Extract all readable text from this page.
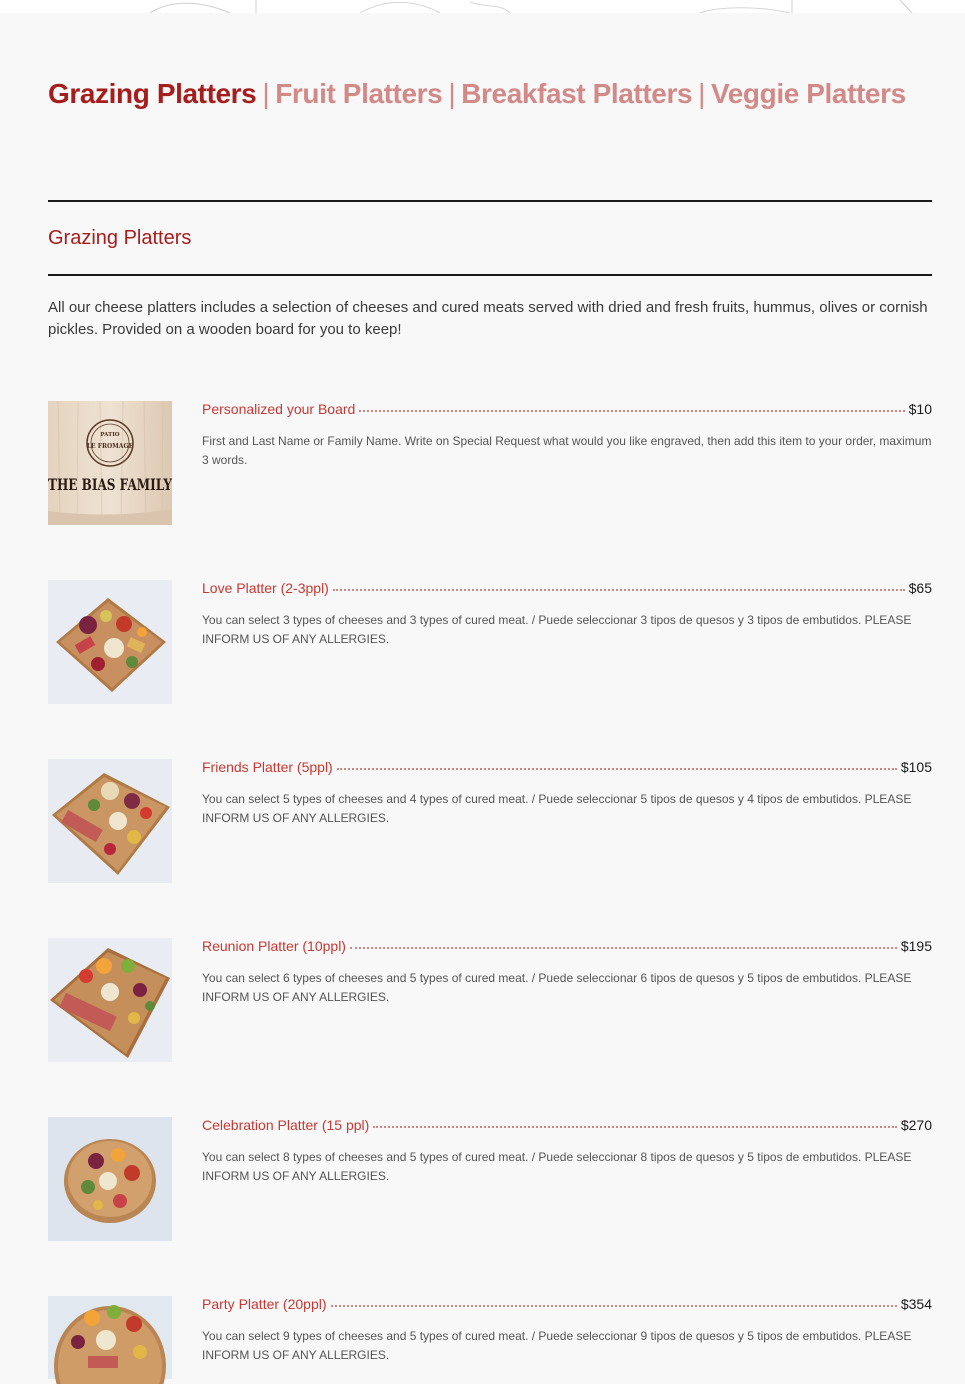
Grazing Platters | Fruit Platters | Breakfast Platters | Veggie Platters
Grazing Platters

All our cheese platters includes a selection of cheeses and cured meats served with dried and fresh fruits, hummus, olives or cornish pickles. Provided on a wooden board for you to keep!

PATIO
LE FROMAGE
THE BIAS FAMILY
Personalized your Board	$10
First and Last Name or Family Name. Write on Special Request what would you like engraved, then add this item to your order, maximum 3 words.
Love Platter (2-3ppl)	$65
You can select 3 types of cheeses and 3 types of cured meat. / Puede seleccionar 3 tipos de quesos y 3 tipos de embutidos. PLEASE INFORM US OF ANY ALLERGIES.
Friends Platter (5ppl)	$105
You can select 5 types of cheeses and 4 types of cured meat. / Puede seleccionar 5 tipos de quesos y 4 tipos de embutidos. PLEASE INFORM US OF ANY ALLERGIES.
Reunion Platter (10ppl)	$195
You can select 6 types of cheeses and 5 types of cured meat. / Puede seleccionar 6 tipos de quesos y 5 tipos de embutidos. PLEASE INFORM US OF ANY ALLERGIES.
Celebration Platter (15 ppl)	$270
You can select 8 types of cheeses and 5 types of cured meat. / Puede seleccionar 8 tipos de quesos y 5 tipos de embutidos. PLEASE INFORM US OF ANY ALLERGIES.
Party Platter (20ppl)	$354
You can select 9 types of cheeses and 5 types of cured meat. / Puede seleccionar 9 tipos de quesos y 5 tipos de embutidos. PLEASE INFORM US OF ANY ALLERGIES.
